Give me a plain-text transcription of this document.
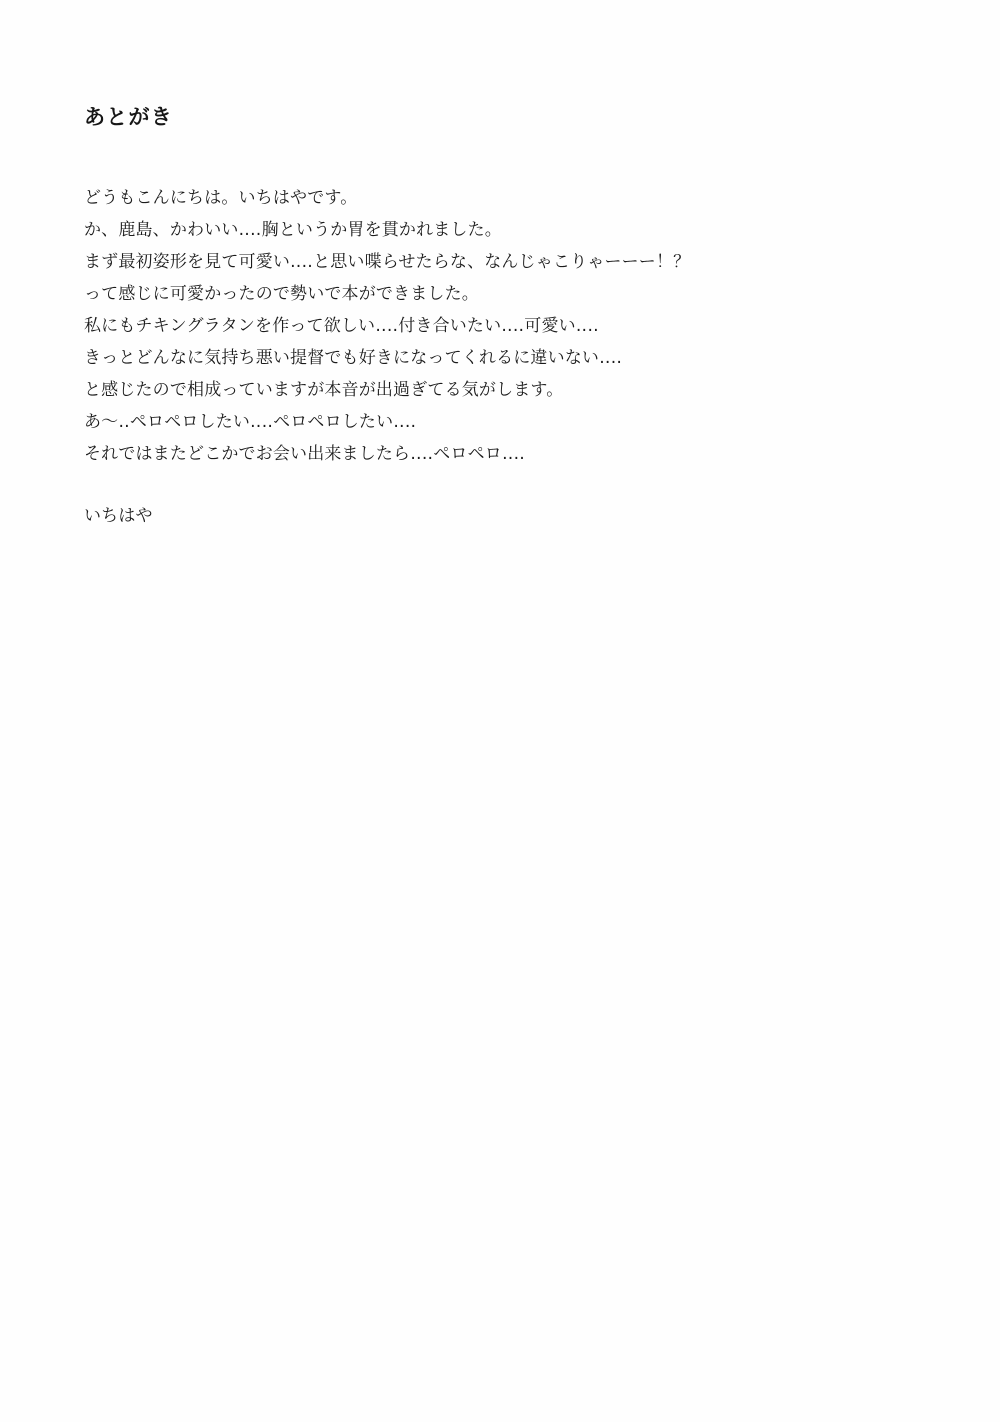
あとがき
どうもこんにちは。いちはやです。
か、鹿島、かわいい‥‥胸というか胃を貫かれました。
まず最初姿形を見て可愛い‥‥と思い喋らせたらな、なんじゃこりゃーーー！？
って感じに可愛かったので勢いで本ができました。
私にもチキングラタンを作って欲しい‥‥付き合いたい‥‥可愛い‥‥
きっとどんなに気持ち悪い提督でも好きになってくれるに違いない‥‥
と感じたので相成っていますが本音が出過ぎてる気がします。
あ〜‥ペロペロしたい‥‥ペロペロしたい‥‥
それではまたどこかでお会い出来ましたら‥‥ペロペロ‥‥
いちはや
